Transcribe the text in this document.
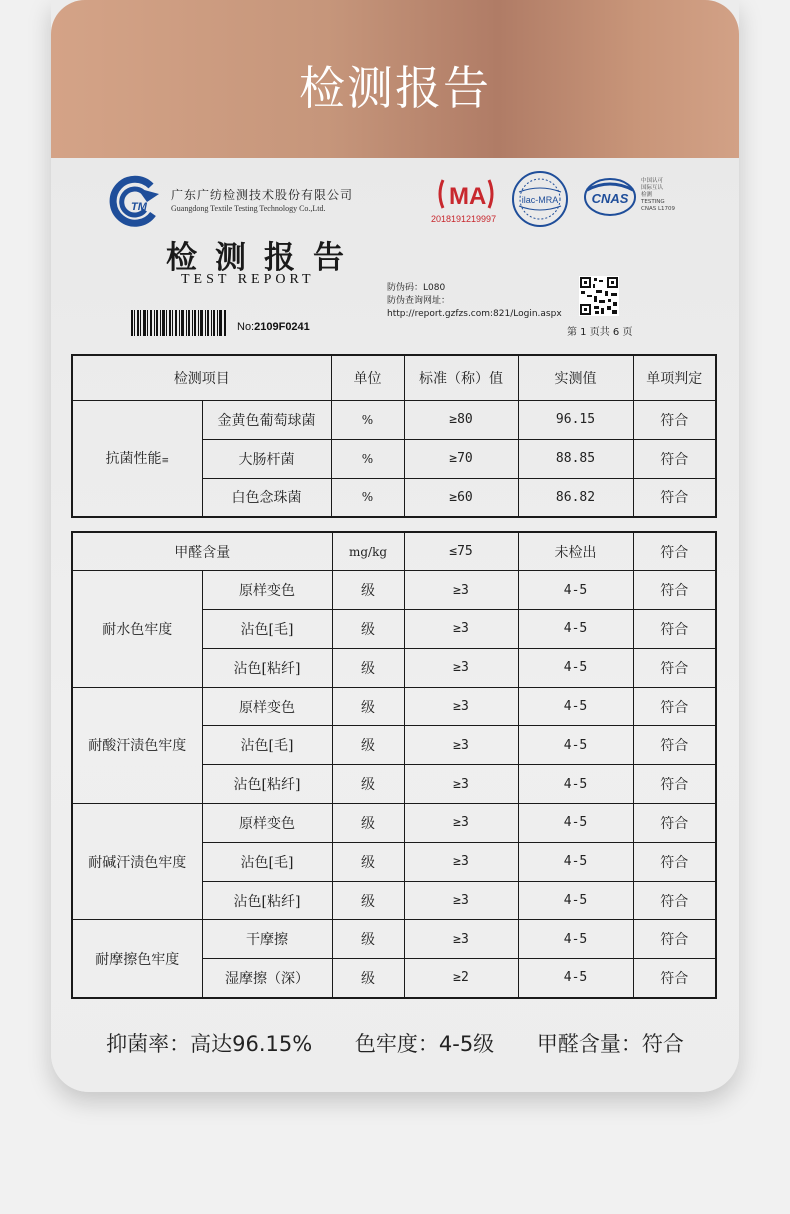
检测报告
TM
广东广纺检测技术股份有限公司
Guangdong Textile Testing Technology Co.,Ltd.	MA
2018191219997
ilac-MRA	CNAS
中国认可
国际互认
检测
TESTING
CNAS L1709
检测报告
TEST REPORT
防伪码：L080
防伪查询网址：
http://report.gzfzs.com:821/Login.aspx
第 1 页共 6 页
No:2109F0241
检测项目		单位	标准（称）值	实测值	单项判定
抗菌性能≡	金黄色葡萄球菌	%	≥80	96.15	符合
	大肠杆菌	%	≥70	88.85	符合
	白色念珠菌	%	≥60	86.82	符合
甲醛含量		mg/kg	≤75	未检出	符合
耐水色牢度	原样变色	级	≥3	4-5	符合
	沾色[毛]	级	≥3	4-5	符合
	沾色[粘纤]	级	≥3	4-5	符合
耐酸汗渍色牢度	原样变色	级	≥3	4-5	符合
	沾色[毛]	级	≥3	4-5	符合
	沾色[粘纤]	级	≥3	4-5	符合
耐碱汗渍色牢度	原样变色	级	≥3	4-5	符合
	沾色[毛]	级	≥3	4-5	符合
	沾色[粘纤]	级	≥3	4-5	符合
耐摩擦色牢度	干摩擦	级	≥3	4-5	符合
	湿摩擦（深）	级	≥2	4-5	符合
抑菌率：高达96.15% 色牢度：4-5级 甲醛含量：符合
